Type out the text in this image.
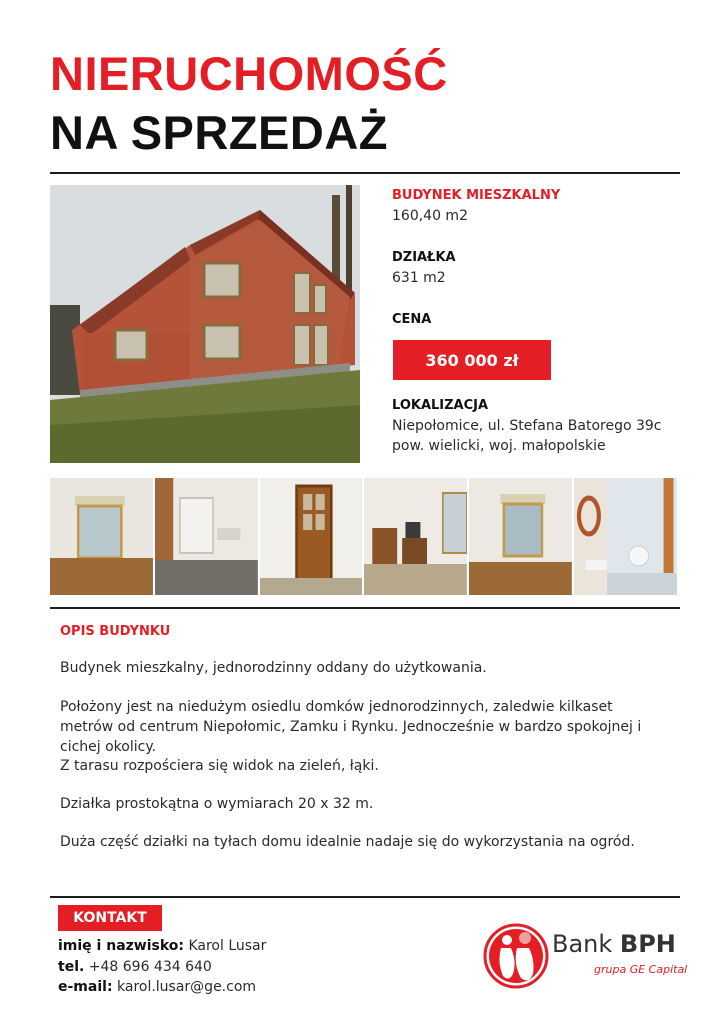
NIERUCHOMOŚĆ
NA SPRZEDAŻ
BUDYNEK MIESZKALNY
160,40 m2
DZIAŁKA
631 m2
CENA
360 000 zł
LOKALIZACJA
Niepołomice, ul. Stefana Batorego 39c
pow. wielicki, woj. małopolskie
OPIS BUDYNKU
Budynek mieszkalny, jednorodzinny oddany do użytkowania.
Położony jest na niedużym osiedlu domków jednorodzinnych, zaledwie kilkaset metrów od centrum Niepołomic, Zamku i Rynku. Jednocześnie w bardzo spokojnej i cichej okolicy.
Z tarasu rozpościera się widok na zieleń, łąki.
Działka prostokątna o wymiarach 20 x 32 m.
Duża część działki na tyłach domu idealnie nadaje się do wykorzystania na ogród.
KONTAKT
imię i nazwisko: Karol Lusar
tel. +48 696 434 640
e-mail: karol.lusar@ge.com
Bank BPH
grupa GE Capital
